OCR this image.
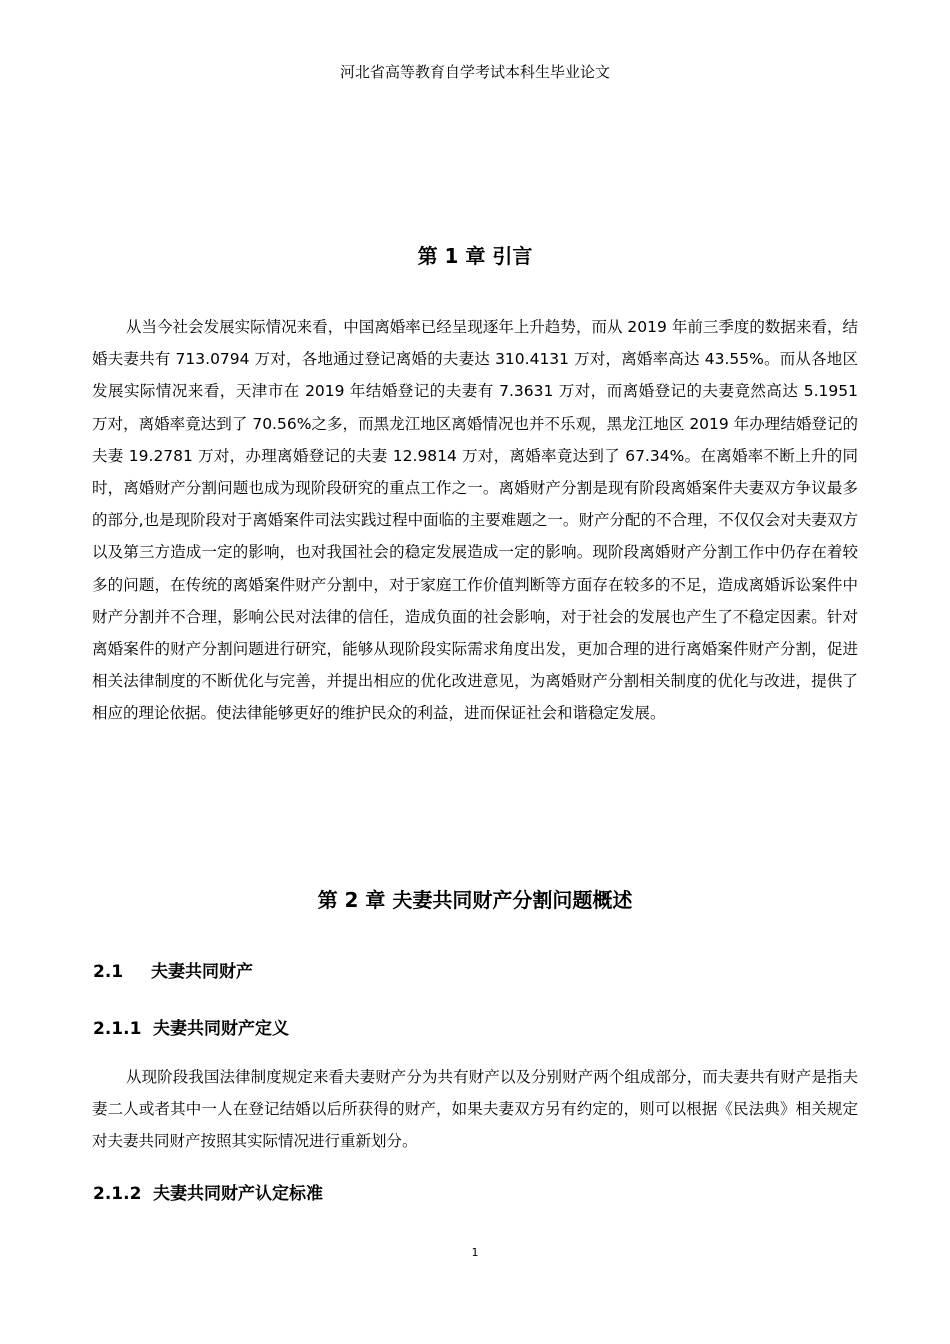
河北省高等教育自学考试本科生毕业论文
第 1 章 引言
从当今社会发展实际情况来看，中国离婚率已经呈现逐年上升趋势，而从 2019 年前三季度的数据来看，结婚夫妻共有 713.0794 万对，各地通过登记离婚的夫妻达 310.4131 万对，离婚率高达 43.55%。而从各地区发展实际情况来看，天津市在 2019 年结婚登记的夫妻有 7.3631 万对，而离婚登记的夫妻竟然高达 5.1951 万对，离婚率竟达到了 70.56%之多，而黑龙江地区离婚情况也并不乐观，黑龙江地区 2019 年办理结婚登记的夫妻 19.2781 万对，办理离婚登记的夫妻 12.9814 万对，离婚率竟达到了 67.34%。在离婚率不断上升的同时，离婚财产分割问题也成为现阶段研究的重点工作之一。离婚财产分割是现有阶段离婚案件夫妻双方争议最多的部分,也是现阶段对于离婚案件司法实践过程中面临的主要难题之一。财产分配的不合理，不仅仅会对夫妻双方以及第三方造成一定的影响，也对我国社会的稳定发展造成一定的影响。现阶段离婚财产分割工作中仍存在着较多的问题，在传统的离婚案件财产分割中，对于家庭工作价值判断等方面存在较多的不足，造成离婚诉讼案件中财产分割并不合理，影响公民对法律的信任，造成负面的社会影响，对于社会的发展也产生了不稳定因素。针对离婚案件的财产分割问题进行研究，能够从现阶段实际需求角度出发，更加合理的进行离婚案件财产分割，促进相关法律制度的不断优化与完善，并提出相应的优化改进意见，为离婚财产分割相关制度的优化与改进，提供了相应的理论依据。使法律能够更好的维护民众的利益，进而保证社会和谐稳定发展。
第 2 章 夫妻共同财产分割问题概述
2.1 夫妻共同财产
2.1.1 夫妻共同财产定义
从现阶段我国法律制度规定来看夫妻财产分为共有财产以及分别财产两个组成部分，而夫妻共有财产是指夫妻二人或者其中一人在登记结婚以后所获得的财产，如果夫妻双方另有约定的，则可以根据《民法典》相关规定对夫妻共同财产按照其实际情况进行重新划分。
2.1.2 夫妻共同财产认定标准
1
